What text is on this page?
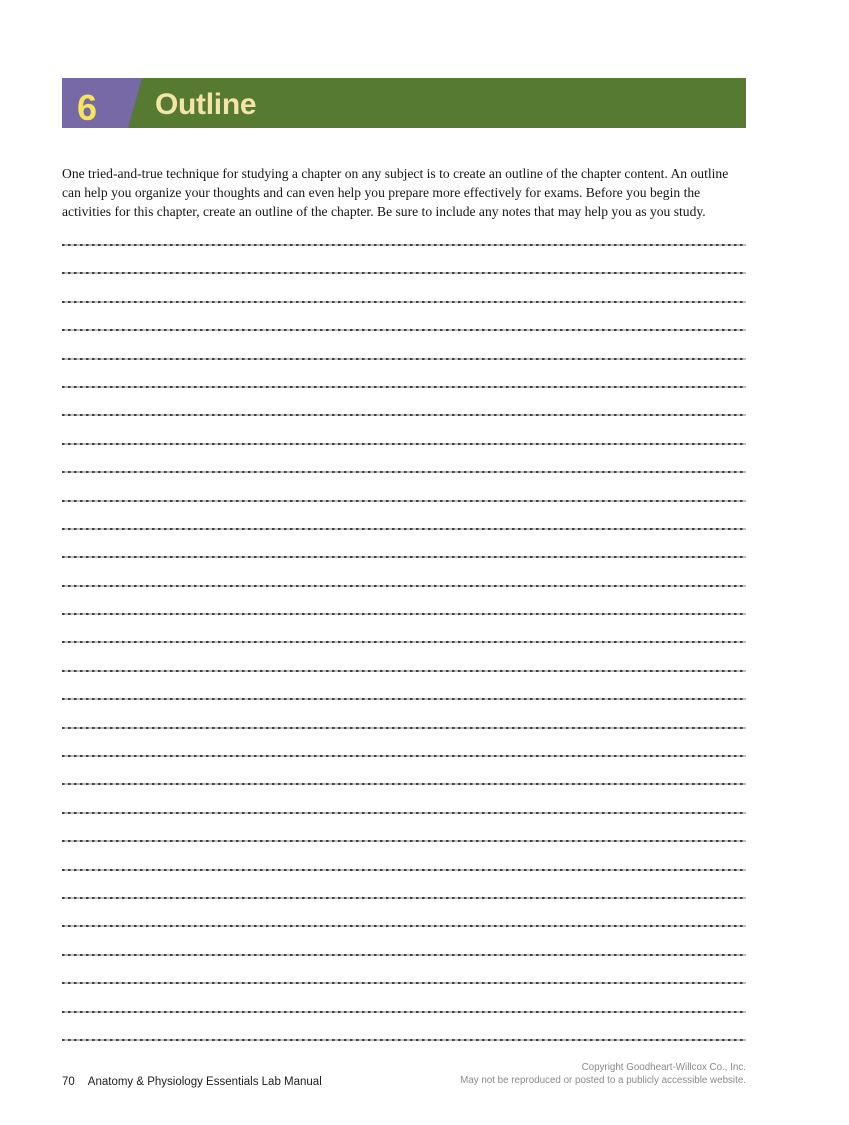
6 Outline

One tried-and-true technique for studying a chapter on any subject is to create an outline of the chapter content. An outline can help you organize your thoughts and can even help you prepare more effectively for exams. Before you begin the activities for this chapter, create an outline of the chapter. Be sure to include any notes that may help you as you study.

70 Anatomy & Physiology Essentials Lab Manual
Copyright Goodheart-Willcox Co., Inc.
May not be reproduced or posted to a publicly accessible website.
